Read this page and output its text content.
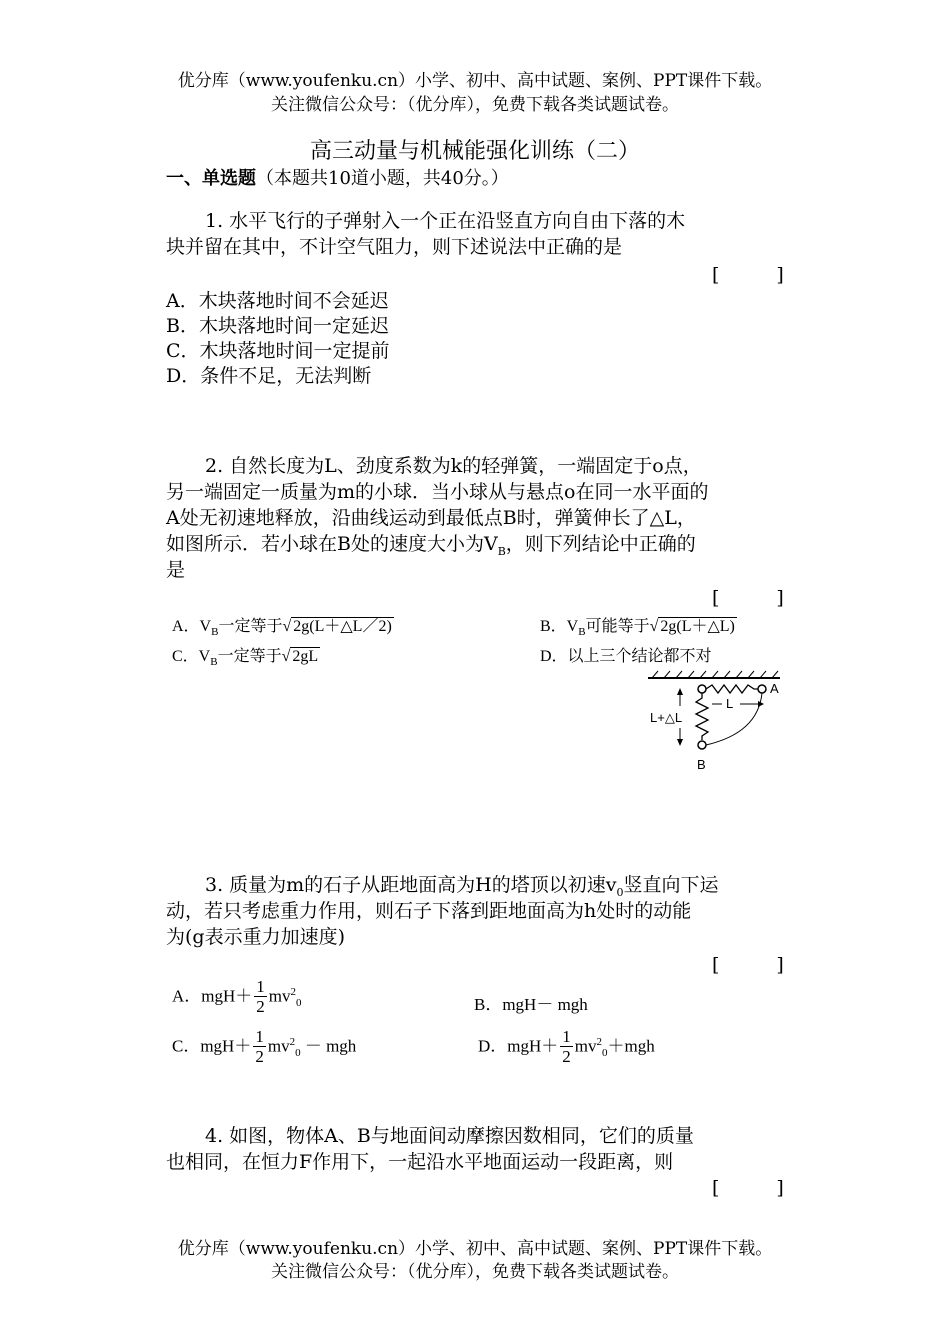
优分库（www.youfenku.cn）小学、初中、高中试题、案例、PPT课件下载。
关注微信公众号：（优分库），免费下载各类试题试卷。
高三动量与机械能强化训练（二）
一、单选题（本题共10道小题，共40分。）
1. 水平飞行的子弹射入一个正在沿竖直方向自由下落的木
块并留在其中，不计空气阻力，则下述说法中正确的是
[　　　]
A．木块落地时间不会延迟
B．木块落地时间一定延迟
C．木块落地时间一定提前
D．条件不足，无法判断
2. 自然长度为L、劲度系数为k的轻弹簧，一端固定于o点，
另一端固定一质量为m的小球．当小球从与悬点o在同一水平面的
A处无初速地释放，沿曲线运动到最低点B时，弹簧伸长了△L，
如图所示．若小球在B处的速度大小为$V_B$，则下列结论中正确的
是
[　　　]
A．$V_B$一定等于√ 2g(L＋△L／2)	B．$V_B$可能等于√ 2g(L＋△L)
C．$V_B$一定等于√ 2gL	D．以上三个结论都不对
A
L
L+△L
B
3. 质量为m的石子从距地面高为H的塔顶以初速$v_0$竖直向下运
动，若只考虑重力作用，则石子下落到距地面高为h处时的动能
为(g表示重力加速度)
[　　　]
A．$mgH+ \frac{1}{2} mv^2_0$	B．mgH－ mgh
C．$mgH+ \frac{1}{2} mv^2_0$ － mgh	D．$mgH+ \frac{1}{2} mv^2_0+mgh$
4. 如图，物体A、B与地面间动摩擦因数相同，它们的质量
也相同，在恒力F作用下，一起沿水平地面运动一段距离，则
[　　　]
优分库（www.youfenku.cn）小学、初中、高中试题、案例、PPT课件下载。
关注微信公众号：（优分库），免费下载各类试题试卷。
